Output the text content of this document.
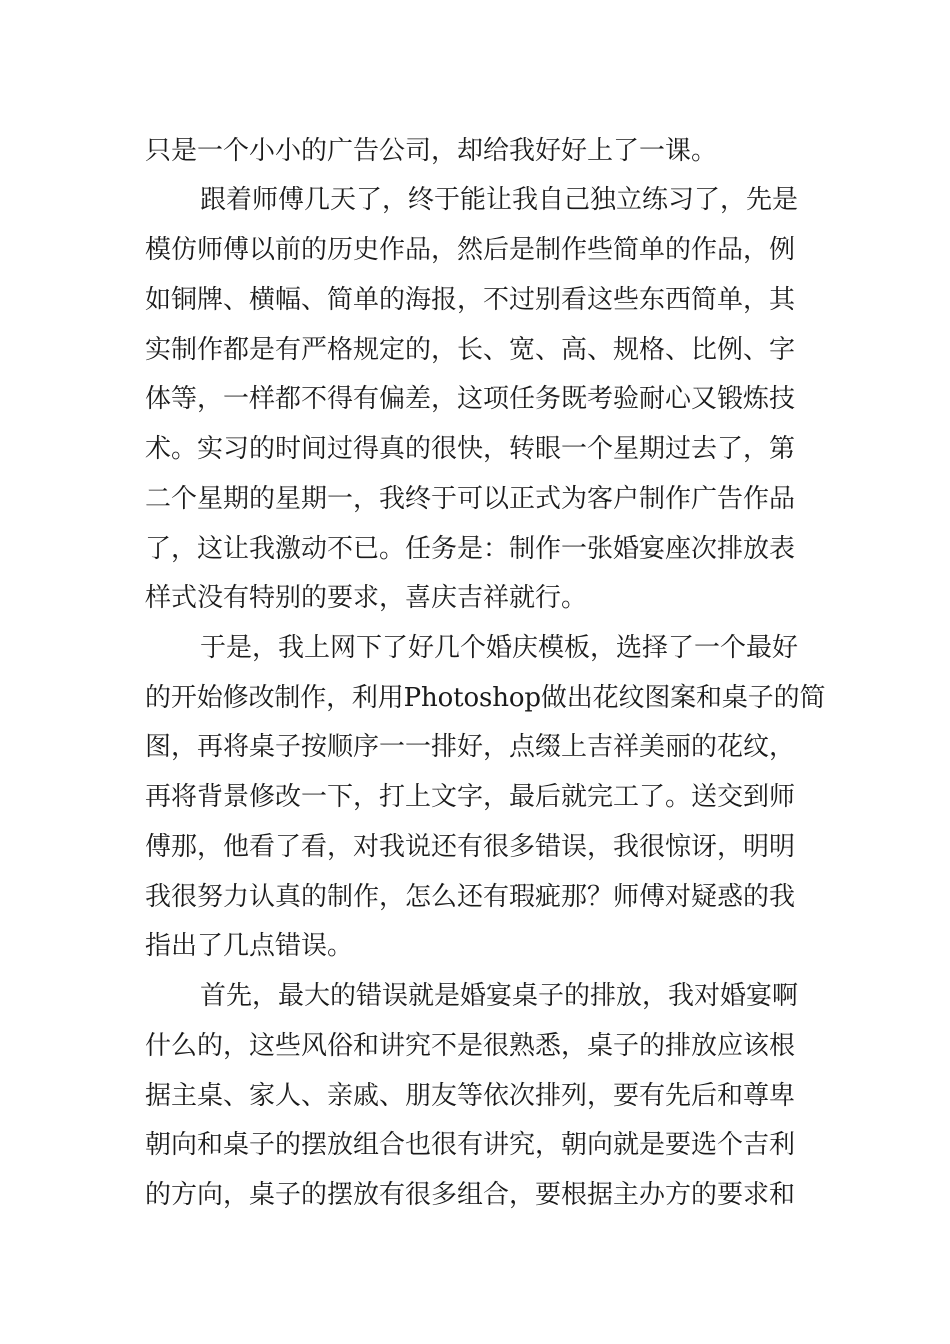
只是一个小小的广告公司，却给我好好上了一课。
跟着师傅几天了，终于能让我自己独立练习了，先是
模仿师傅以前的历史作品，然后是制作些简单的作品，例
如铜牌、横幅、简单的海报，不过别看这些东西简单，其
实制作都是有严格规定的，长、宽、高、规格、比例、字
体等，一样都不得有偏差，这项任务既考验耐心又锻炼技
术。实习的时间过得真的很快，转眼一个星期过去了，第
二个星期的星期一，我终于可以正式为客户制作广告作品
了，这让我激动不已。任务是：制作一张婚宴座次排放表
样式没有特别的要求，喜庆吉祥就行。
于是，我上网下了好几个婚庆模板，选择了一个最好
的开始修改制作，利用Photoshop做出花纹图案和桌子的简
图，再将桌子按顺序一一排好，点缀上吉祥美丽的花纹，
再将背景修改一下，打上文字，最后就完工了。送交到师
傅那，他看了看，对我说还有很多错误，我很惊讶，明明
我很努力认真的制作，怎么还有瑕疵那？师傅对疑惑的我
指出了几点错误。
首先，最大的错误就是婚宴桌子的排放，我对婚宴啊
什么的，这些风俗和讲究不是很熟悉，桌子的排放应该根
据主桌、家人、亲戚、朋友等依次排列，要有先后和尊卑
朝向和桌子的摆放组合也很有讲究，朝向就是要选个吉利
的方向，桌子的摆放有很多组合，要根据主办方的要求和
